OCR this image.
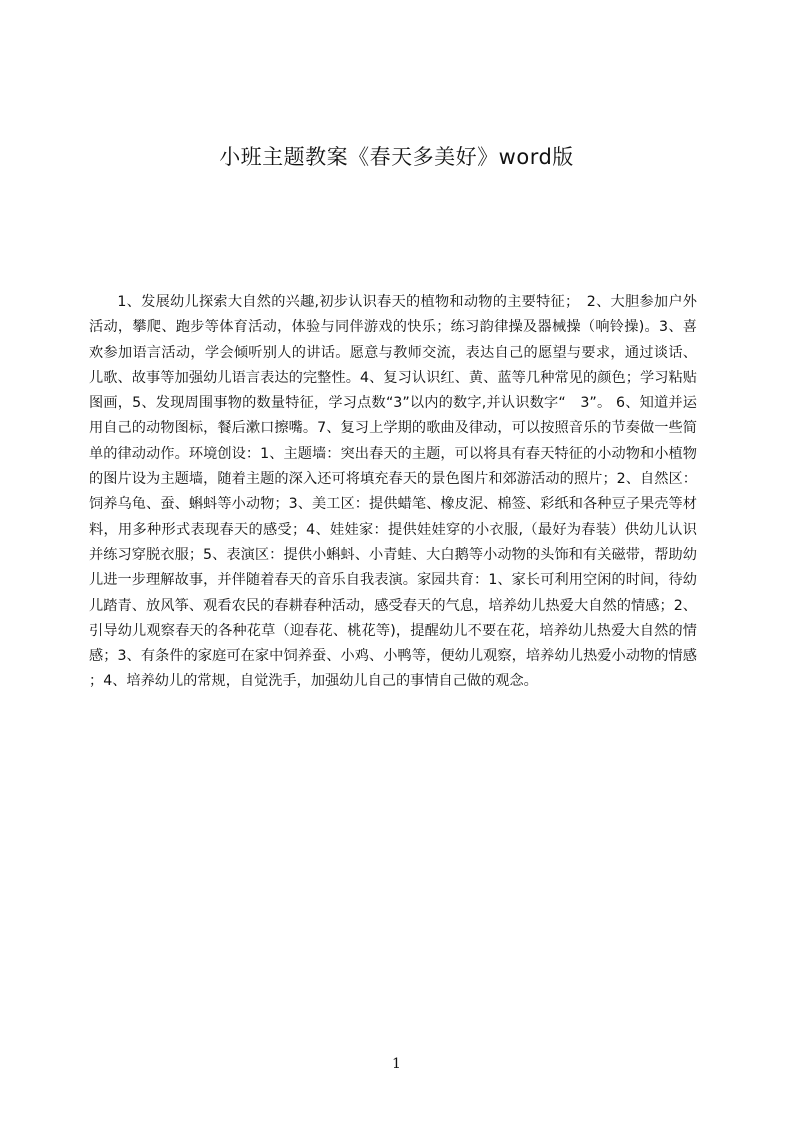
小班主题教案《春天多美好》word版
1、发展幼儿探索大自然的兴趣,初步认识春天的植物和动物的主要特征；　2、大胆参加户外活动，攀爬、跑步等体育活动，体验与同伴游戏的快乐；练习韵律操及器械操（响铃操)。3、喜欢参加语言活动，学会倾听别人的讲话。愿意与教师交流，表达自己的愿望与要求，通过谈话、儿歌、故事等加强幼儿语言表达的完整性。4、复习认识红、黄、蓝等几种常见的颜色；学习粘贴图画，5、发现周围事物的数量特征，学习点数“3”以内的数字,并认识数字“　3”。 6、知道并运用自己的动物图标，餐后漱口擦嘴。7、复习上学期的歌曲及律动，可以按照音乐的节奏做一些简单的律动动作。环境创设：1、主题墙：突出春天的主题，可以将具有春天特征的小动物和小植物的图片设为主题墙，随着主题的深入还可将填充春天的景色图片和郊游活动的照片；2、自然区：饲养乌龟、蚕、蝌蚪等小动物；3、美工区：提供蜡笔、橡皮泥、棉签、彩纸和各种豆子果壳等材料，用多种形式表现春天的感受；4、娃娃家：提供娃娃穿的小衣服,（最好为春装）供幼儿认识并练习穿脱衣服；5、表演区：提供小蝌蚪、小青蛙、大白鹅等小动物的头饰和有关磁带，帮助幼儿进一步理解故事，并伴随着春天的音乐自我表演。家园共育：1、家长可利用空闲的时间，待幼儿踏青、放风筝、观看农民的春耕春种活动，感受春天的气息，培养幼儿热爱大自然的情感；2、引导幼儿观察春天的各种花草（迎春花、桃花等)，提醒幼儿不要在花，培养幼儿热爱大自然的情感；3、有条件的家庭可在家中饲养蚕、小鸡、小鸭等，便幼儿观察，培养幼儿热爱小动物的情感；4、培养幼儿的常规，自觉洗手，加强幼儿自己的事情自己做的观念。
1
